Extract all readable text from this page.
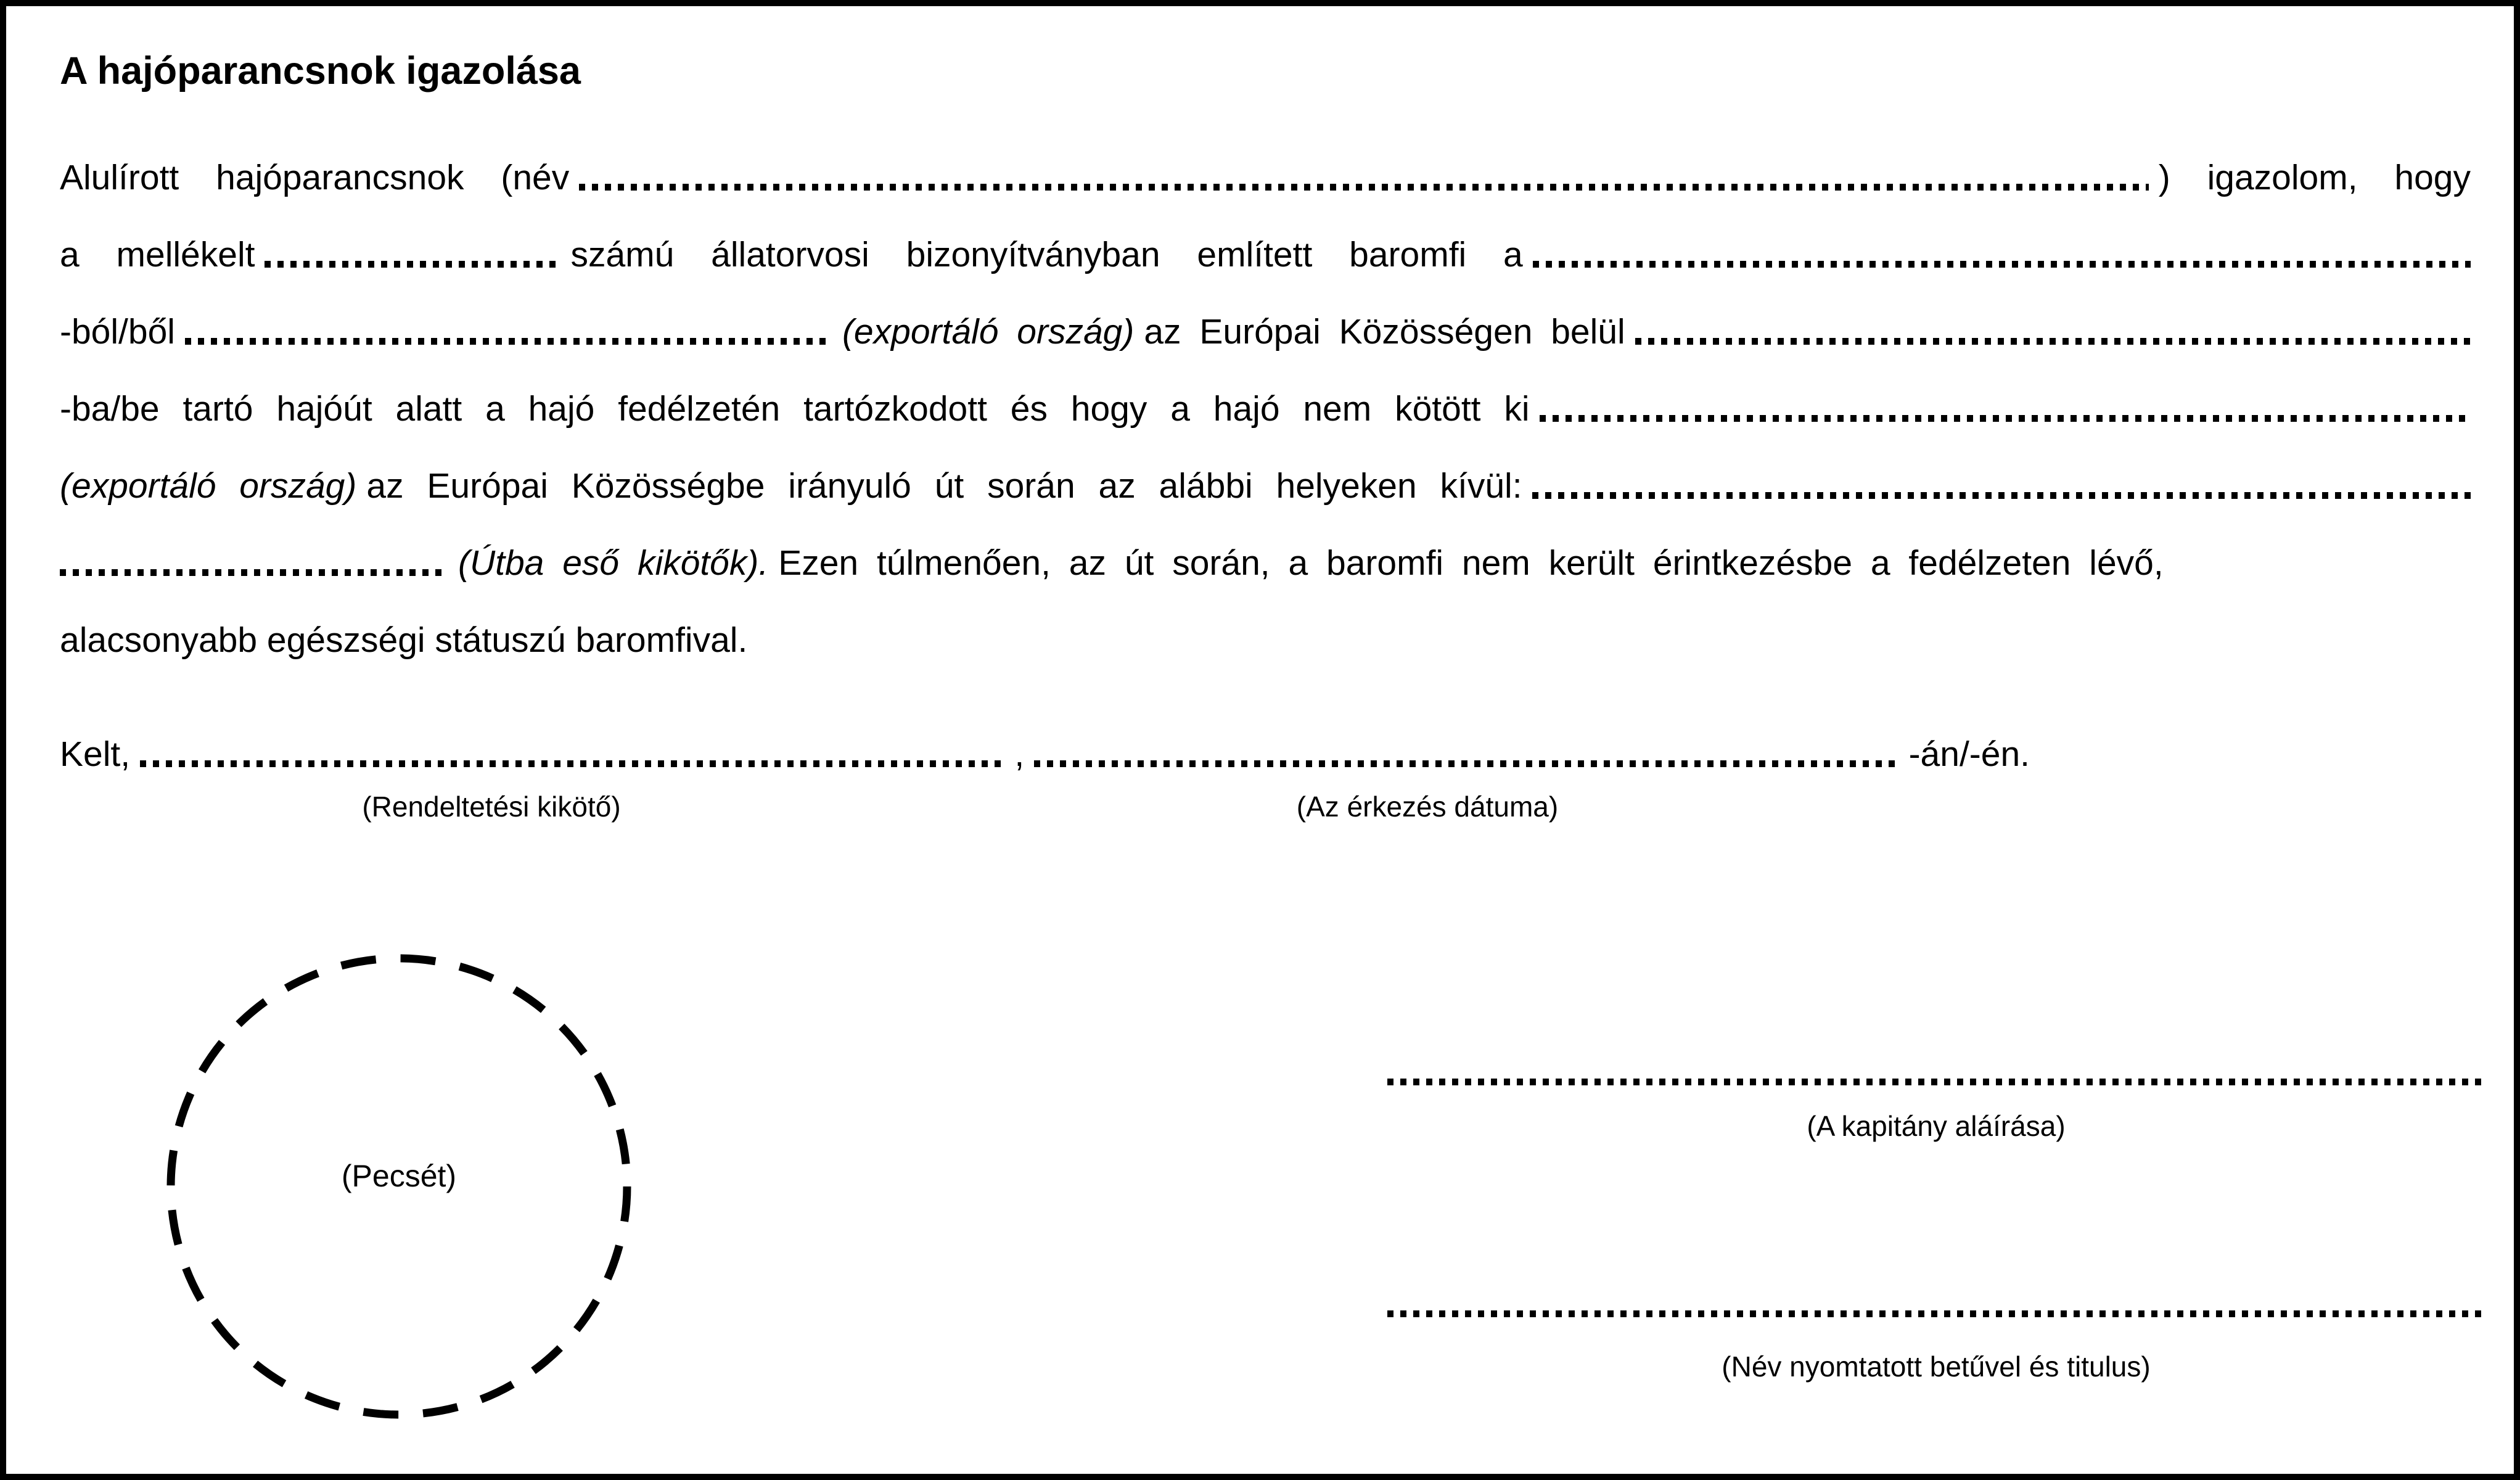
A hajóparancsnok igazolása
Alulírott hajóparancsnok (név	) igazolom, hogy
a mellékelt	számú állatorvosi bizonyítványban említett baromfi a
-ból/ből	(exportáló ország) az Európai Közösségen belül
-ba/be tartó hajóút alatt a hajó fedélzetén tartózkodott és hogy a hajó nem kötött ki
(exportáló ország) az Európai Közösségbe irányuló út során az alábbi helyeken kívül:
(Útba eső kikötők). Ezen túlmenően, az út során, a baromfi nem került érintkezésbe a fedélzeten lévő,
alacsonyabb egészségi státuszú baromfival.
Kelt,	,	-án/-én.
(Rendeltetési kikötő)	(Az érkezés dátuma)
(Pecsét)
(A kapitány aláírása)
(Név nyomtatott betűvel és titulus)
